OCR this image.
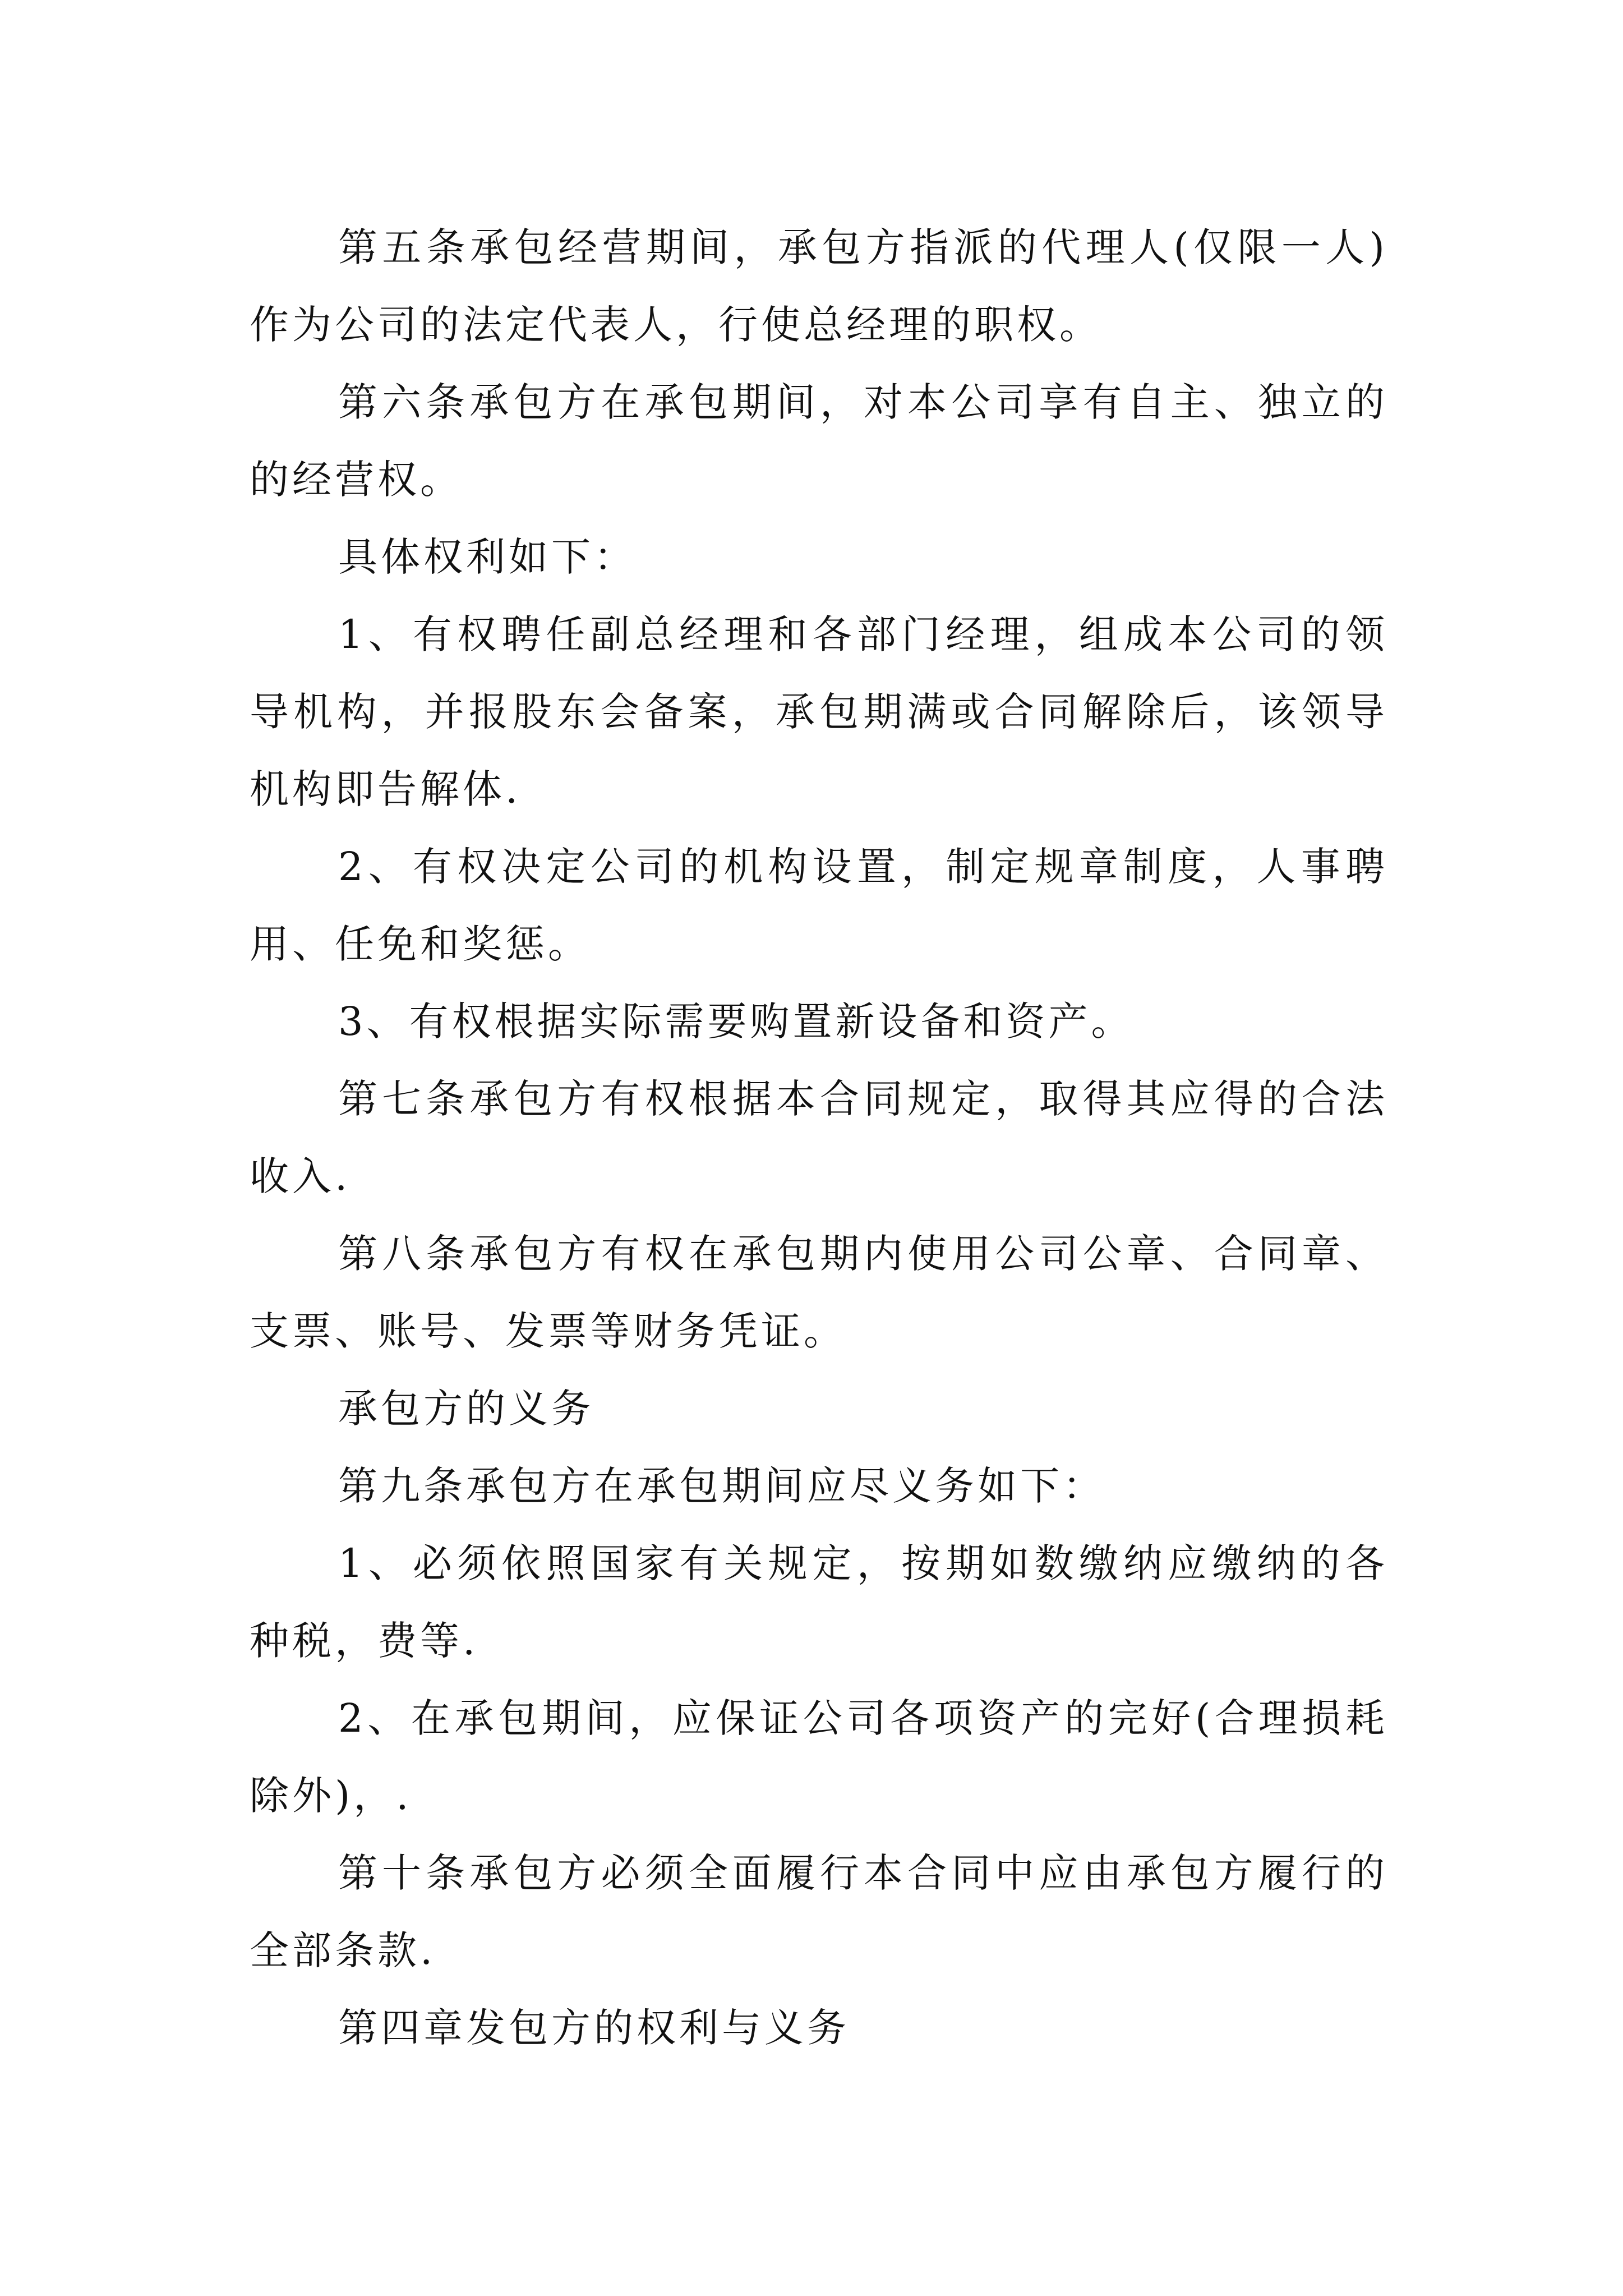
第五条承包经营期间，承包方指派的代理人(仅限一人)作为公司的法定代表人，行使总经理的职权。

第六条承包方在承包期间，对本公司享有自主、独立的的经营权。

具体权利如下：

1、有权聘任副总经理和各部门经理，组成本公司的领导机构，并报股东会备案，承包期满或合同解除后，该领导机构即告解体.

2、有权决定公司的机构设置，制定规章制度，人事聘用、任免和奖惩。

3、有权根据实际需要购置新设备和资产。

第七条承包方有权根据本合同规定，取得其应得的合法收入.

第八条承包方有权在承包期内使用公司公章、合同章、支票、账号、发票等财务凭证。

承包方的义务

第九条承包方在承包期间应尽义务如下：

1、必须依照国家有关规定，按期如数缴纳应缴纳的各种税，费等.

2、在承包期间，应保证公司各项资产的完好(合理损耗除外)，.

第十条承包方必须全面履行本合同中应由承包方履行的全部条款.

第四章发包方的权利与义务
